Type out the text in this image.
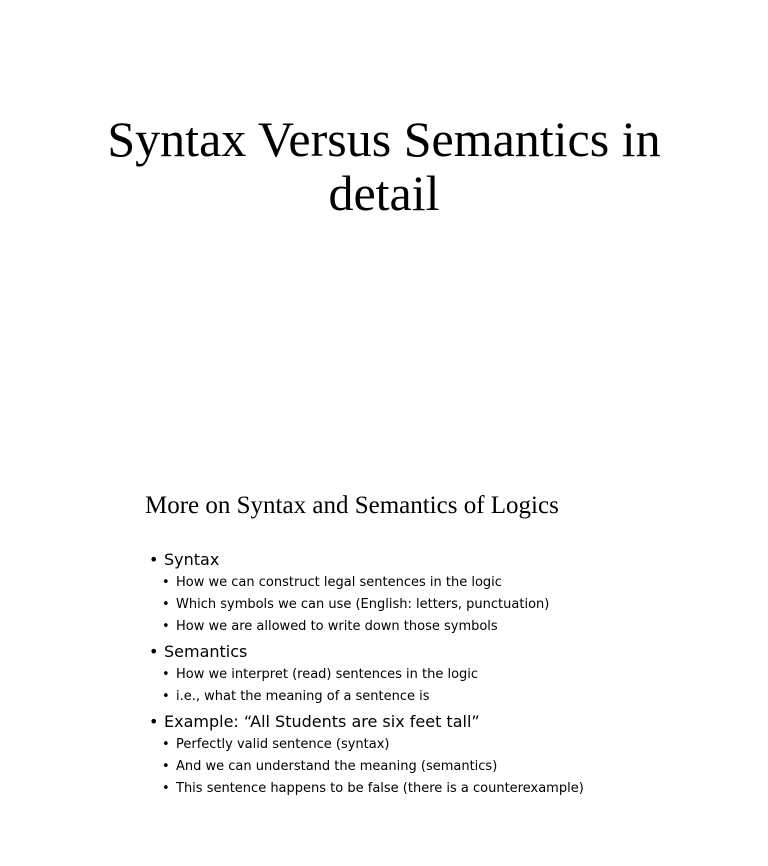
Syntax Versus Semantics in
detail
More on Syntax and Semantics of Logics
• Syntax
• How we can construct legal sentences in the logic
• Which symbols we can use (English: letters, punctuation)
• How we are allowed to write down those symbols
• Semantics
• How we interpret (read) sentences in the logic
• i.e., what the meaning of a sentence is
• Example: “All Students are six feet tall”
• Perfectly valid sentence (syntax)
• And we can understand the meaning (semantics)
• This sentence happens to be false (there is a counterexample)
